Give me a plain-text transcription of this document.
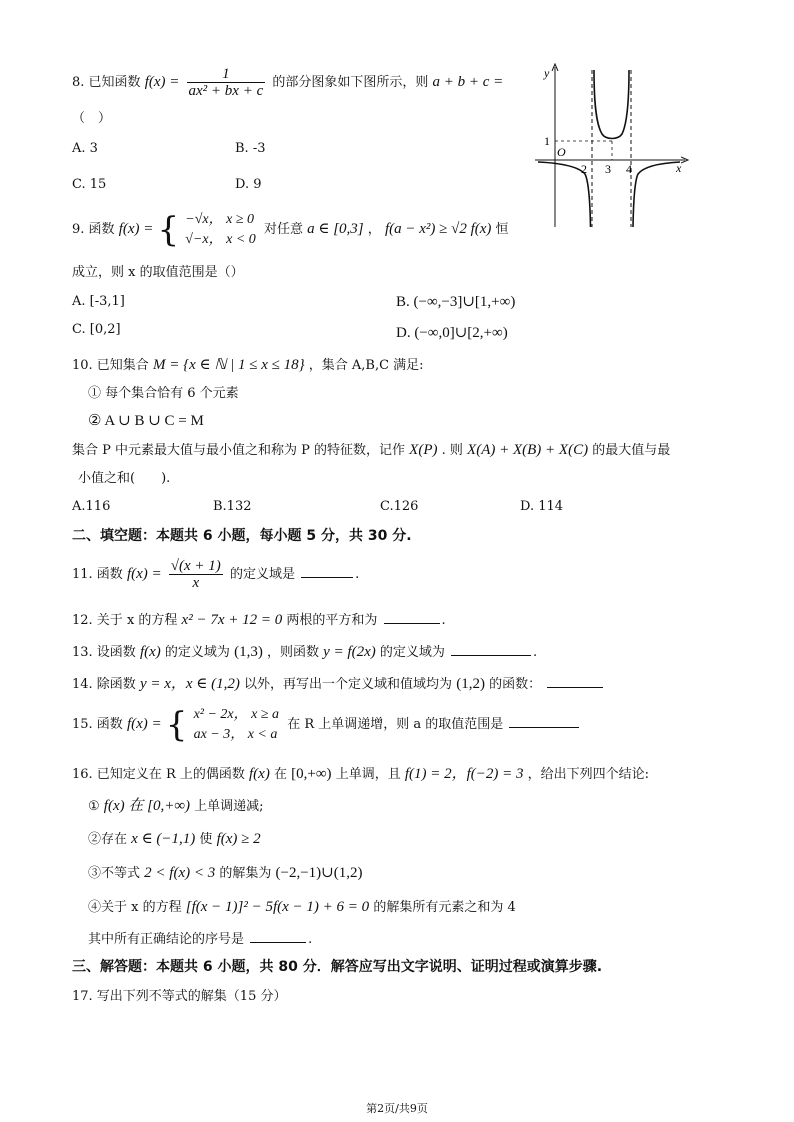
8. 已知函数 $f(x) = \frac{1}{\text{ax² + bx + c}}$ 的部分图象如下图所示，则 a + b + c =
（　）
A. 3	B. -3
C. 15	D. 9
y
x
O
1
2 3 4
9. 函数 f(x) = { −√x， x ≥ 0
√−x， x < 0
对任意 a ∈ [0,3] ， f(a − x²) ≥ √2 f(x) 恒
成立，则 x 的取值范围是（）
A. [-3,1]	B. (−∞,−3]∪[1,+∞)
C. [0,2]	D. (−∞,0]∪[2,+∞)
10. 已知集合 M = {x ∈ ℕ | 1 ≤ x ≤ 18} ，集合 A,B,C 满足:
① 每个集合恰有 6 个元素
② A ∪ B ∪ C = M
集合 P 中元素最大值与最小值之和称为 P 的特征数，记作 X(P) . 则 X(A) + X(B) + X(C) 的最大值与最
小值之和(　　).
A.116	B.132	C.126	D. 114
二、填空题：本题共 6 小题，每小题 5 分，共 30 分.
11. 函数 $f(x) = \frac{√(x + 1)}{x}$ 的定义域是	.
12. 关于 x 的方程 x² − 7x + 12 = 0 两根的平方和为	.
13. 设函数 f(x) 的定义域为 (1,3) ，则函数 y = f(2x) 的定义域为	.
14. 除函数 y = x，x ∈ (1,2) 以外，再写出一个定义域和值域均为 (1,2) 的函数：
15. 函数 f(x) = { x² − 2x， x ≥ a
ax − 3， x < a
在 R 上单调递增，则 a 的取值范围是
16. 已知定义在 R 上的偶函数 f(x) 在 [0,+∞) 上单调，且 f(1) = 2，f(−2) = 3 ，给出下列四个结论:
① f(x) 在 [0,+∞) 上单调递减;
②存在 x ∈ (−1,1) 使 f(x) ≥ 2
③不等式 2 < f(x) < 3 的解集为 (−2,−1)∪(1,2)
④关于 x 的方程 [f(x − 1)]² − 5f(x − 1) + 6 = 0 的解集所有元素之和为 4
其中所有正确结论的序号是	.
三、解答题：本题共 6 小题，共 80 分．解答应写出文字说明、证明过程或演算步骤.
17. 写出下列不等式的解集（15 分）
第2页/共9页
